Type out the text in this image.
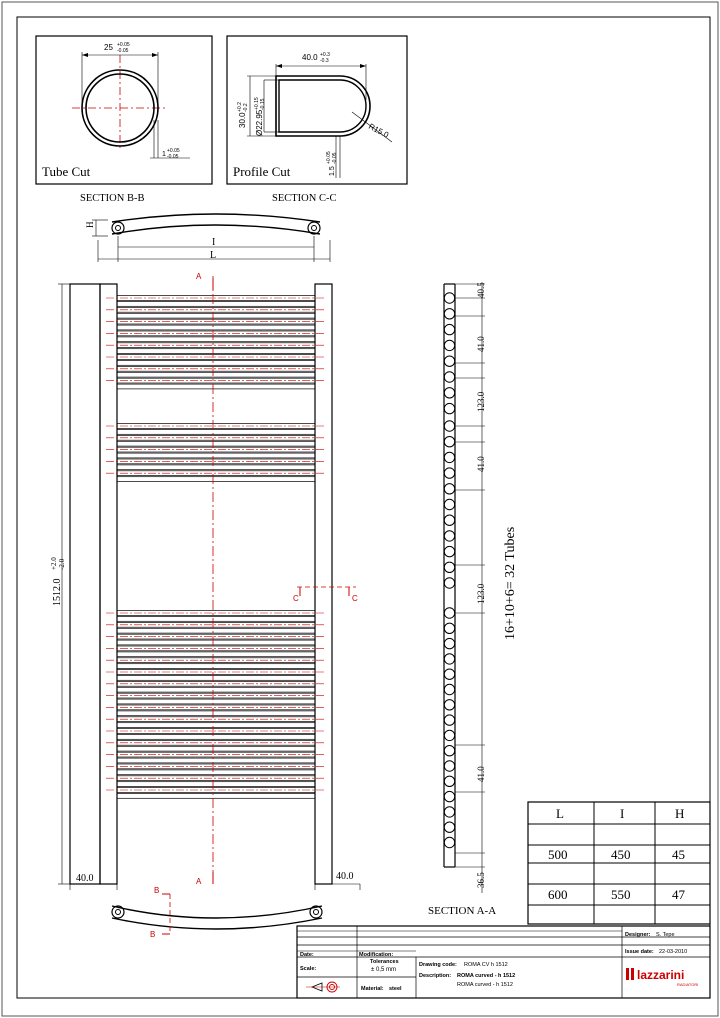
25 +0.05
-0.05
1 +0.05
-0.05
Tube Cut
SECTION B-B
40.0 +0.3
-0.3
30.0
+0.2 -0.2
Ø22.95
+0.15 -0.15
R15.0
1.5
+0.05 -0.05
Profile Cut
SECTION C-C
H
I
L
A
A
C	C
1512.0
+2.0 -2.0
40.0	40.0
40.5
41.0
123.0
41.0
123.0
41.0
36.5
16+10+6= 32 Tubes
SECTION A-A
B
B
L	I	H
500	450	45
600	550	47
Designer: S. Tepe
Issue date: 22-03-2010
Date:	Modification:
Scale:
Tolerances
± 0,5 mm
Drawing code: ROMA CV h 1512
Description: ROMA curved - h 1512
ROMA curved - h 1512
Material: steel
lazzarini
RADIATORI
